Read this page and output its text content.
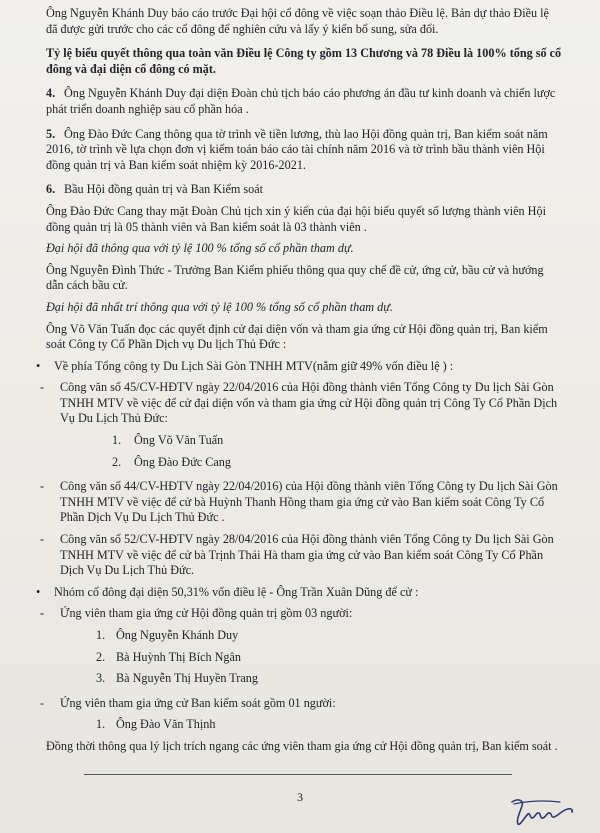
Ông Nguyễn Khánh Duy báo cáo trước Đại hội cổ đông về việc soạn thảo Điều lệ. Bản dự thảo Điều lệ đã được gửi trước cho các cổ đông để nghiên cứu và lấy ý kiến bổ sung, sửa đổi.

Tỷ lệ biểu quyết thông qua toàn văn Điều lệ Công ty gồm 13 Chương và 78 Điều là 100% tổng số cổ đông và đại diện cổ đông có mặt.

4. Ông Nguyễn Khánh Duy đại diện Đoàn chủ tịch báo cáo phương án đầu tư kinh doanh và chiến lược phát triển doanh nghiệp sau cổ phần hóa .

5. Ông Đào Đức Cang thông qua tờ trình về tiền lương, thù lao Hội đồng quản trị, Ban kiểm soát năm 2016, tờ trình về lựa chọn đơn vị kiểm toán báo cáo tài chính năm 2016 và tờ trình bầu thành viên Hội đồng quản trị và Ban kiểm soát nhiệm kỳ 2016-2021.

6. Bầu Hội đồng quản trị và Ban Kiểm soát

Ông Đào Đức Cang thay mặt Đoàn Chủ tịch xin ý kiến của đại hội biểu quyết số lượng thành viên Hội đồng quản trị là 05 thành viên và Ban kiểm soát là 03 thành viên .

Đại hội đã thông qua với tỷ lệ 100 % tổng số cổ phần tham dự.

Ông Nguyễn Đình Thức - Trưởng Ban Kiểm phiếu thông qua quy chế đề cử, ứng cử, bầu cử và hướng dẫn cách bầu cử.

Đại hội đã nhất trí thông qua với tỷ lệ 100 % tổng số cổ phần tham dự.

Ông Võ Văn Tuấn đọc các quyết định cử đại diện vốn và tham gia ứng cử Hội đồng quản trị, Ban kiểm soát Công ty Cổ Phần Dịch vụ Du lịch Thủ Đức :

•	Về phía Tổng công ty Du Lịch Sài Gòn TNHH MTV(nắm giữ 49% vốn điều lệ ) :
-	Công văn số 45/CV-HĐTV ngày 22/04/2016 của Hội đồng thành viên Tổng Công ty Du lịch Sài Gòn TNHH MTV về việc để cử đại diện vốn và tham gia ứng cử Hội đồng quản trị Công Ty Cổ Phần Dịch Vụ Du Lịch Thủ Đức:
1.	Ông Võ Văn Tuấn
2.	Ông Đào Đức Cang
-	Công văn số 44/CV-HĐTV ngày 22/04/2016) của Hội đồng thành viên Tổng Công ty Du lịch Sài Gòn TNHH MTV về việc để cử bà Huỳnh Thanh Hồng tham gia ứng cử vào Ban kiểm soát Công Ty Cổ Phần Dịch Vụ Du Lịch Thủ Đức .
-	Công văn số 52/CV-HĐTV ngày 28/04/2016 của Hội đồng thành viên Tổng Công ty Du lịch Sài Gòn TNHH MTV về việc để cử bà Trịnh Thái Hà tham gia ứng cử vào Ban kiểm soát Công Ty Cổ Phần Dịch Vụ Du Lịch Thủ Đức.
•	Nhóm cổ đông đại diện 50,31% vốn điều lệ - Ông Trần Xuân Dũng để cử :
-	Ứng viên tham gia ứng cử Hội đồng quản trị gồm 03 người:
1. Ông Nguyễn Khánh Duy
2. Bà Huỳnh Thị Bích Ngân
3. Bà Nguyễn Thị Huyền Trang
-	Ứng viên tham gia ứng cử Ban kiểm soát gồm 01 người:
1. Ông Đào Văn Thịnh

Đồng thời thông qua lý lịch trích ngang các ứng viên tham gia ứng cử Hội đồng quản trị, Ban kiểm soát .

3
